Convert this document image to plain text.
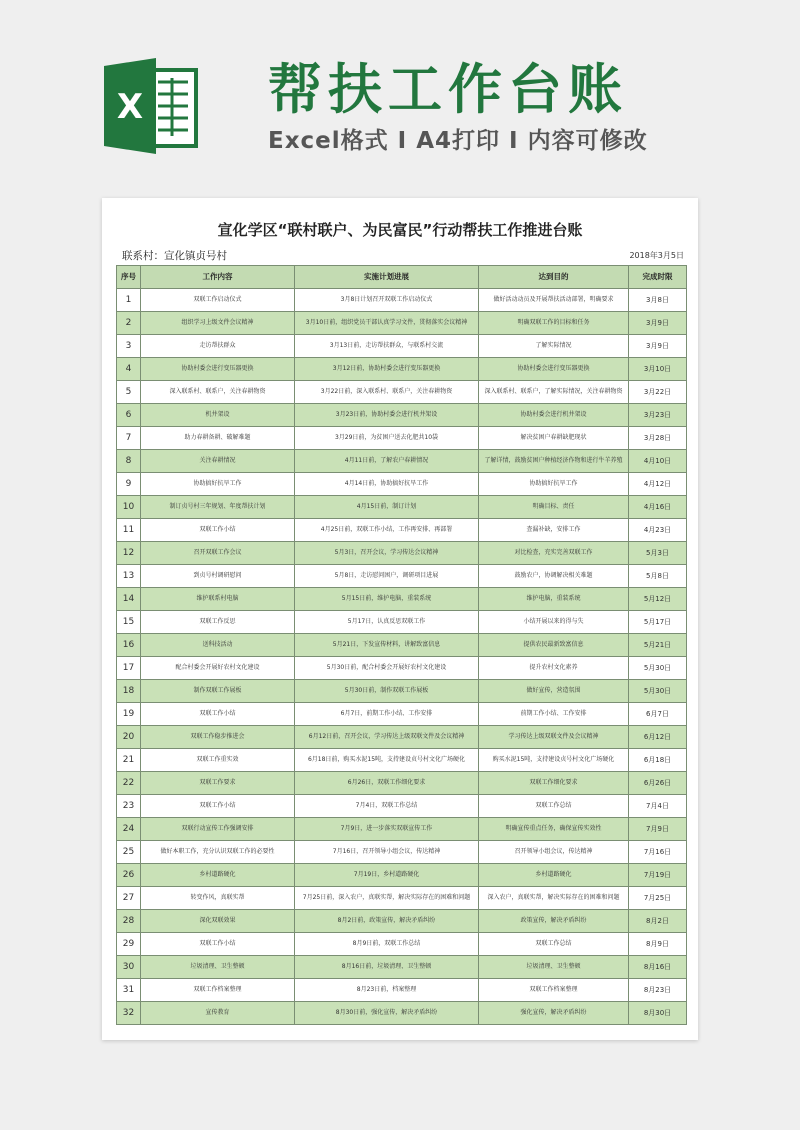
X 帮扶工作台账
Excel格式 I A4打印 I 内容可修改
宣化学区“联村联户、为民富民”行动帮扶工作推进台账
联系村：宣化镇贞号村	2018年3月5日
序号	工作内容	实施计划进展	达到目的	完成时限
1	双联工作启动仪式	3月8日计划召开双联工作启动仪式	做好活动动员及开展帮扶活动部署，明确要求	3月8日
2	组织学习上级文件会议精神	3月10日前，组织党员干部认真学习文件，贯彻落实会议精神	明确双联工作的目标和任务	3月9日
3	走访帮扶群众	3月13日前，走访帮扶群众，与联系村交流	了解实际情况	3月9日
4	协助村委会进行变压器更换	3月12日前，协助村委会进行变压器更换	协助村委会进行变压器更换	3月10日
5	深入联系村、联系户，关注春耕物资	3月22日前，深入联系村、联系户，关注春耕物资	深入联系村、联系户，了解实际情况，关注春耕物资	3月22日
6	机井架设	3月23日前，协助村委会进行机井架设	协助村委会进行机井架设	3月23日
7	助力春耕备耕、破解难题	3月29日前，为贫困户送去化肥共10袋	解决贫困户春耕缺肥现状	3月28日
8	关注春耕情况	4月11日前，了解农户春耕情况	了解详情，鼓励贫困户种植经济作物和进行牛羊养殖	4月10日
9	协助搞好抗旱工作	4月14日前，协助搞好抗旱工作	协助搞好抗旱工作	4月12日
10	制订贞号村三年规划、年度帮扶计划	4月15日前，制订计划	明确目标、责任	4月16日
11	双联工作小结	4月25日前，双联工作小结，工作再安排、再部署	查漏补缺，安排工作	4月23日
12	召开双联工作会议	5月3日，召开会议，学习传达会议精神	对比检查，充实完善双联工作	5月3日
13	到贞号村调研慰问	5月8日，走访慰问困户，调研项目进展	鼓励农户，协调解决相关难题	5月8日
14	维护联系村电脑	5月15日前，维护电脑，重装系统	维护电脑，重装系统	5月12日
15	双联工作反思	5月17日，认真反思双联工作	小结开展以来的得与失	5月17日
16	送科技活动	5月21日，下发宣传材料，讲解致富信息	提供农民最新致富信息	5月21日
17	配合村委会开展好农村文化建设	5月30日前，配合村委会开展好农村文化建设	提升农村文化素养	5月30日
18	制作双联工作展板	5月30日前，制作双联工作展板	做好宣传，营造氛围	5月30日
19	双联工作小结	6月7日，前期工作小结、工作安排	前期工作小结、工作安排	6月7日
20	双联工作稳步推进会	6月12日前，召开会议，学习传达上级双联文件及会议精神	学习传达上级双联文件及会议精神	6月12日
21	双联工作重实效	6月18日前，购买水泥15吨，支持建设贞号村文化广场硬化	购买水泥15吨，支持建设贞号村文化广场硬化	6月18日
22	双联工作要求	6月26日，双联工作细化要求	双联工作细化要求	6月26日
23	双联工作小结	7月4日，双联工作总结	双联工作总结	7月4日
24	双联行动宣传工作强调安排	7月9日，进一步落实双联宣传工作	明确宣传重点任务，确保宣传实效性	7月9日
25	做好本职工作，充分认识双联工作的必要性	7月16日，召开领导小组会议，传达精神	召开领导小组会议，传达精神	7月16日
26	乡村道路硬化	7月19日，乡村道路硬化	乡村道路硬化	7月19日
27	转变作风，真联实帮	7月25日前，深入农户，真联实帮，解决实际存在的困难和问题	深入农户，真联实帮，解决实际存在的困难和问题	7月25日
28	深化双联效果	8月2日前，政策宣传，解决矛盾纠纷	政策宣传，解决矛盾纠纷	8月2日
29	双联工作小结	8月9日前，双联工作总结	双联工作总结	8月9日
30	垃圾清理、卫生整顿	8月16日前，垃圾清理、卫生整顿	垃圾清理、卫生整顿	8月16日
31	双联工作档案整理	8月23日前，档案整理	双联工作档案整理	8月23日
32	宣传教育	8月30日前，强化宣传，解决矛盾纠纷	强化宣传，解决矛盾纠纷	8月30日
